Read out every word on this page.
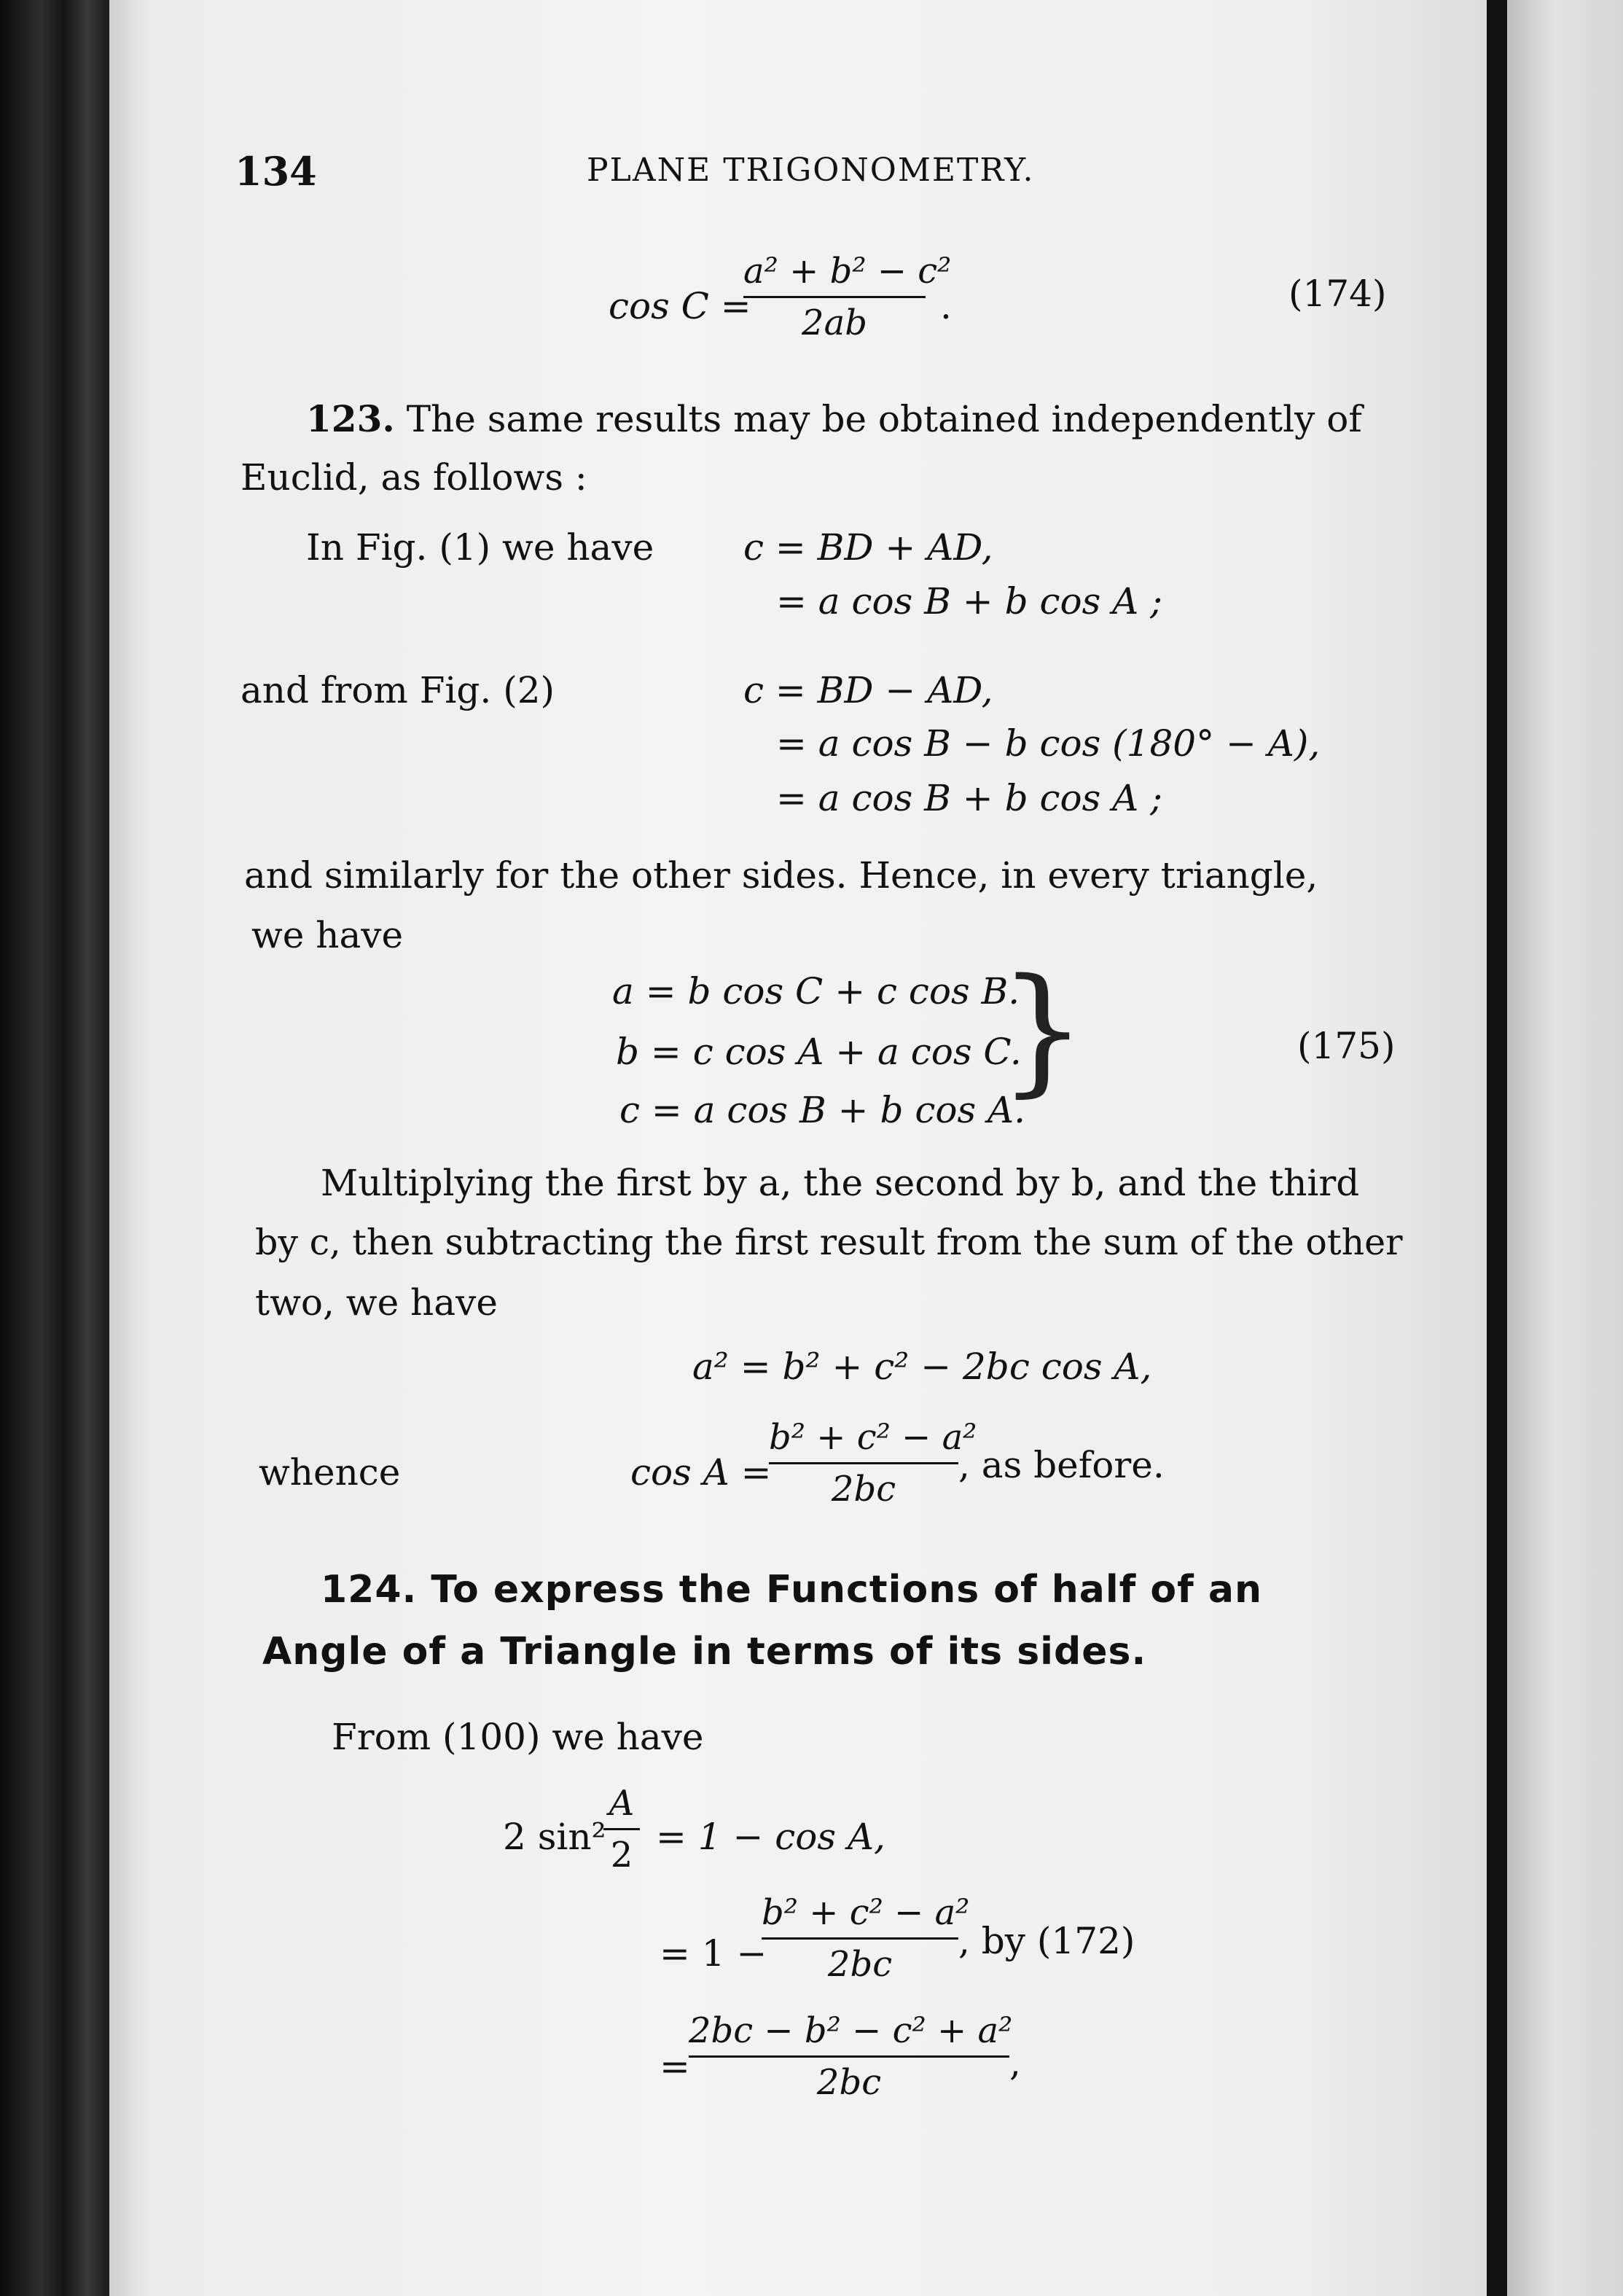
134	PLANE TRIGONOMETRY.
cos C =
a² + b² − c²
2ab	.	(174)
123. The same results may be obtained independently of
Euclid, as follows :
In Fig. (1) we have c = BD + AD,
= a cos B + b cos A ;
and from Fig. (2)	c = BD − AD,
= a cos B − b cos (180° − A),
= a cos B + b cos A ;
and similarly for the other sides. Hence, in every triangle,
we have
a = b cos C + c cos B.
b = c cos A + a cos C.
c = a cos B + b cos A.
}	(175)
Multiplying the first by a, the second by b, and the third
by c, then subtracting the first result from the sum of the other
two, we have
a² = b² + c² − 2bc cos A,
whence	cos A =
b² + c² − a²
2bc
, as before.
124. To express the Functions of half of an
Angle of a Triangle in terms of its sides.
From (100) we have
2 sin²
A
2 = 1 − cos A,
= 1 −
b² + c² − a²
2bc
, by (172)
=
2bc − b² − c² + a²
2bc	,
